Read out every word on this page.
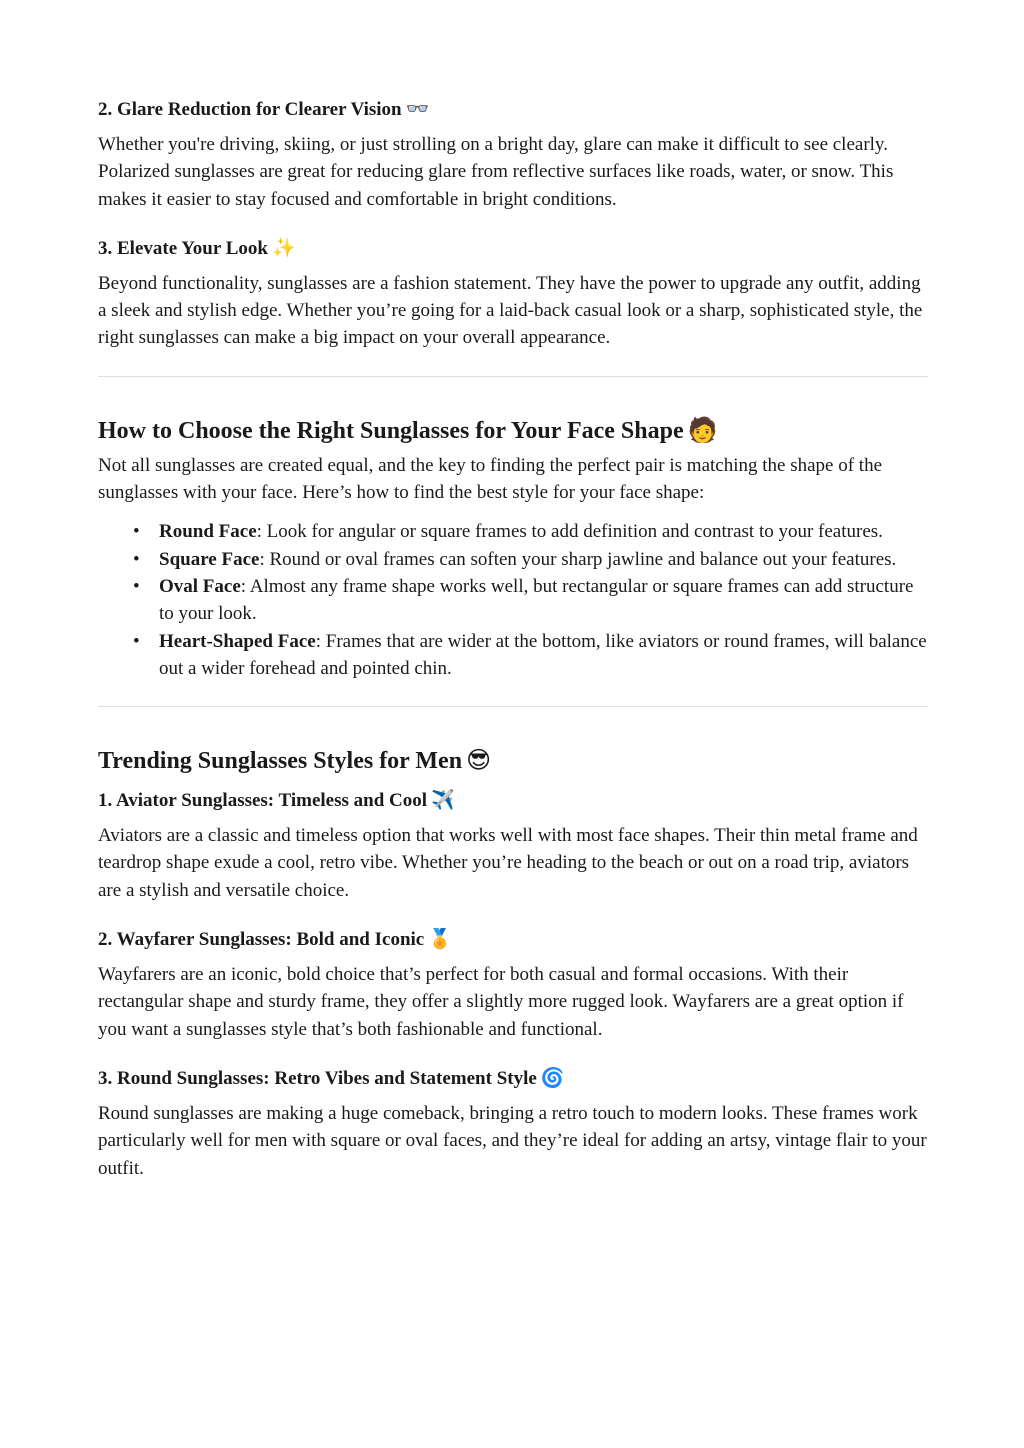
2. Glare Reduction for Clearer Vision 👓

Whether you're driving, skiing, or just strolling on a bright day, glare can make it difficult to see clearly. Polarized sunglasses are great for reducing glare from reflective surfaces like roads, water, or snow. This makes it easier to stay focused and comfortable in bright conditions.

3. Elevate Your Look ✨

Beyond functionality, sunglasses are a fashion statement. They have the power to upgrade any outfit, adding a sleek and stylish edge. Whether you’re going for a laid-back casual look or a sharp, sophisticated style, the right sunglasses can make a big impact on your overall appearance.

How to Choose the Right Sunglasses for Your Face Shape 🧑

Not all sunglasses are created equal, and the key to finding the perfect pair is matching the shape of the sunglasses with your face. Here’s how to find the best style for your face shape:

• Round Face: Look for angular or square frames to add definition and contrast to your features.
• Square Face: Round or oval frames can soften your sharp jawline and balance out your features.
• Oval Face: Almost any frame shape works well, but rectangular or square frames can add structure to your look.
• Heart-Shaped Face: Frames that are wider at the bottom, like aviators or round frames, will balance out a wider forehead and pointed chin.
Trending Sunglasses Styles for Men 😎
1. Aviator Sunglasses: Timeless and Cool ✈️

Aviators are a classic and timeless option that works well with most face shapes. Their thin metal frame and teardrop shape exude a cool, retro vibe. Whether you’re heading to the beach or out on a road trip, aviators are a stylish and versatile choice.

2. Wayfarer Sunglasses: Bold and Iconic 🏅

Wayfarers are an iconic, bold choice that’s perfect for both casual and formal occasions. With their rectangular shape and sturdy frame, they offer a slightly more rugged look. Wayfarers are a great option if you want a sunglasses style that’s both fashionable and functional.

3. Round Sunglasses: Retro Vibes and Statement Style 🌀

Round sunglasses are making a huge comeback, bringing a retro touch to modern looks. These frames work particularly well for men with square or oval faces, and they’re ideal for adding an artsy, vintage flair to your outfit.
